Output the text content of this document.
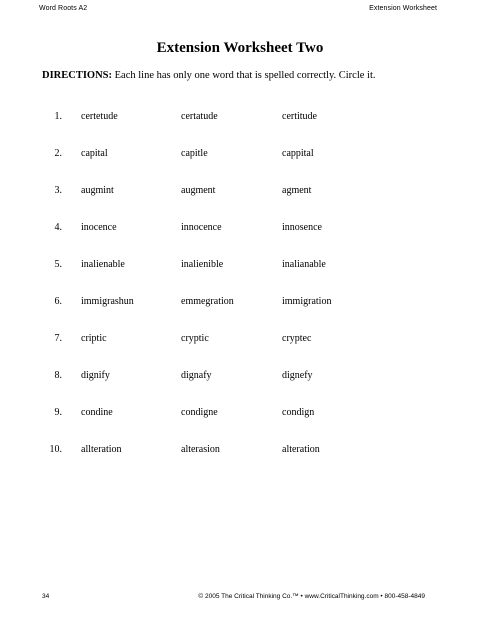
Word Roots A2	Extension Worksheet
Extension Worksheet Two
DIRECTIONS: Each line has only one word that is spelled correctly. Circle it.
1. certetude	certatude	certitude
2. capital	capitle	cappital
3. augmint	augment	agment
4. inocence	innocence	innosence
5. inalienable	inalienible	inalianable
6. immigrashun	emmegration	immigration
7. criptic	cryptic	cryptec
8. dignify	dignafy	dignefy
9. condine	condigne	condign
10. allteration	alterasion	alteration
34	© 2005 The Critical Thinking Co.™ • www.CriticalThinking.com • 800-458-4849
